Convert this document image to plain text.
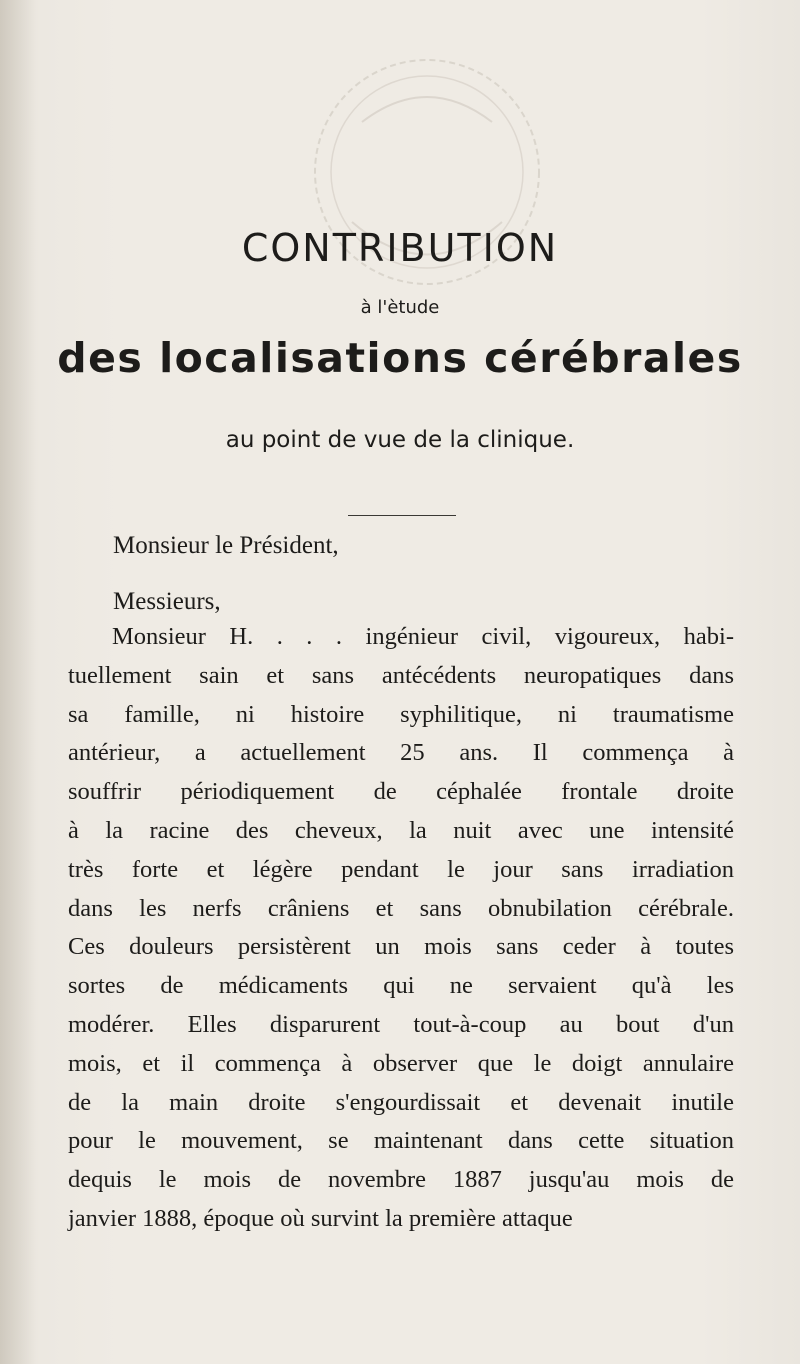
CONTRIBUTION

à l'ètude

des localisations cérébrales

au point de vue de la clinique.

Monsieur le Président,
Messieurs,
Monsieur H. . . . ingénieur civil, vigoureux, habi-
tuellement sain et sans antécédents neuropatiques dans
sa famille, ni histoire syphilitique, ni traumatisme
antérieur, a actuellement 25 ans. Il commença à
souffrir périodiquement de céphalée frontale droite
à la racine des cheveux, la nuit avec une intensité
très forte et légère pendant le jour sans irradiation
dans les nerfs crâniens et sans obnubilation cérébrale.
Ces douleurs persistèrent un mois sans ceder à toutes
sortes de médicaments qui ne servaient qu'à les
modérer. Elles disparurent tout-à-coup au bout d'un
mois, et il commença à observer que le doigt annulaire
de la main droite s'engourdissait et devenait inutile
pour le mouvement, se maintenant dans cette situation
dequis le mois de novembre 1887 jusqu'au mois de
janvier 1888, époque où survint la première attaque
